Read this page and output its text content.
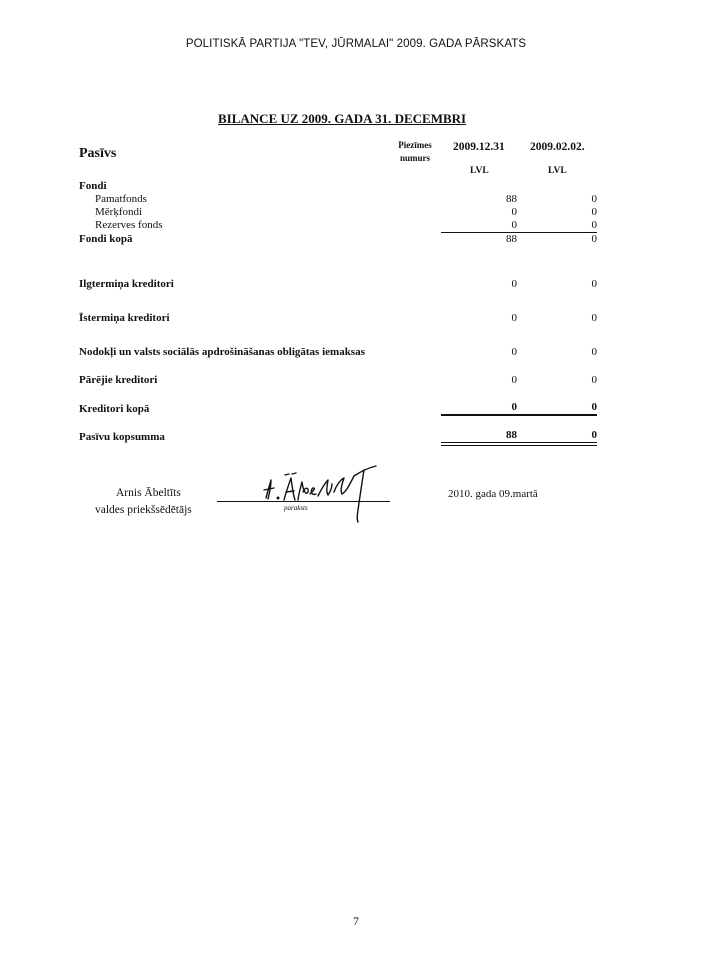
POLITISKĀ PARTIJA "TEV, JŪRMALAI" 2009. GADA PĀRSKATS
BILANCE UZ 2009. GADA 31. DECEMBRI
Pasīvs
Piezīmes numurs
2009.12.31 2009.02.02.
LVL	LVL
Fondi
Pamatfonds	88	0
Mērķfondi	0	0
Rezerves fonds	0	0
Fondi kopā	88	0
Ilgtermiņa kreditori	0	0
Īstermiņa kreditori	0	0
Nodokļi un valsts sociālās apdrošināšanas obligātas iemaksas	0	0
Pārējie kreditori	0	0
Kreditori kopā	0	0
Pasīvu kopsumma	88	0
Arnis Ābeltīts
valdes priekšsēdētājs	paraksts
2010. gada 09.martā
7
